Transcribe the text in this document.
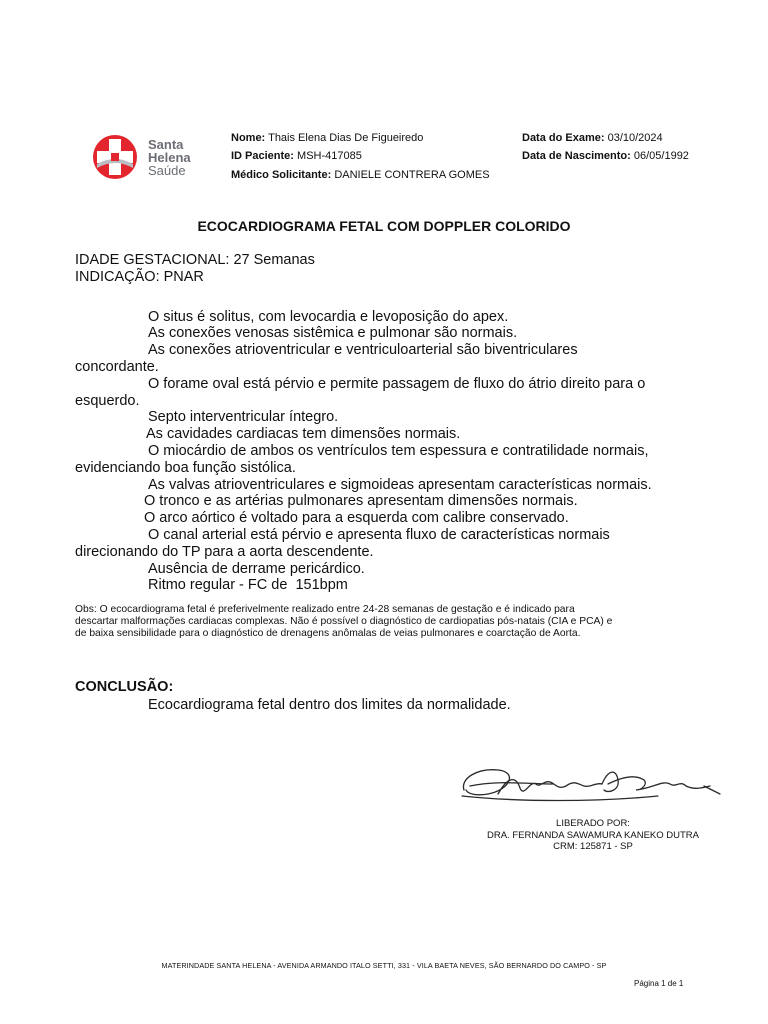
Santa
Helena
Saúde
Nome: Thais Elena Dias De Figueiredo
ID Paciente: MSH-417085
Médico Solicitante: DANIELE CONTRERA GOMES
Data do Exame: 03/10/2024
Data de Nascimento: 06/05/1992
ECOCARDIOGRAMA FETAL COM DOPPLER COLORIDO
IDADE GESTACIONAL: 27 Semanas
INDICAÇÃO: PNAR
O situs é solitus, com levocardia e levoposição do apex.
As conexões venosas sistêmica e pulmonar são normais.
As conexões atrioventricular e ventriculoarterial são biventriculares
concordante.
O forame oval está pérvio e permite passagem de fluxo do átrio direito para o
esquerdo.
Septo interventricular íntegro.
As cavidades cardiacas tem dimensões normais.
O miocárdio de ambos os ventrículos tem espessura e contratilidade normais,
evidenciando boa função sistólica.
As valvas atrioventriculares e sigmoideas apresentam características normais.
O tronco e as artérias pulmonares apresentam dimensões normais.
O arco aórtico é voltado para a esquerda com calibre conservado.
O canal arterial está pérvio e apresenta fluxo de características normais
direcionando do TP para a aorta descendente.
Ausência de derrame pericárdico.
Ritmo regular - FC de  151bpm
Obs: O ecocardiograma fetal é preferivelmente realizado entre 24-28 semanas de gestação e é indicado para
descartar malformações cardiacas complexas. Não é possível o diagnóstico de cardiopatias pós-natais (CIA e PCA) e
de baixa sensibilidade para o diagnóstico de drenagens anômalas de veias pulmonares e coarctação de Aorta.
CONCLUSÃO:
Ecocardiograma fetal dentro dos limites da normalidade.
LIBERADO POR:
DRA. FERNANDA SAWAMURA KANEKO DUTRA
CRM: 125871 - SP
MATERINDADE SANTA HELENA - AVENIDA ARMANDO ITALO SETTI, 331 - VILA BAETA NEVES, SÃO BERNARDO DO CAMPO - SP
Página 1 de 1
